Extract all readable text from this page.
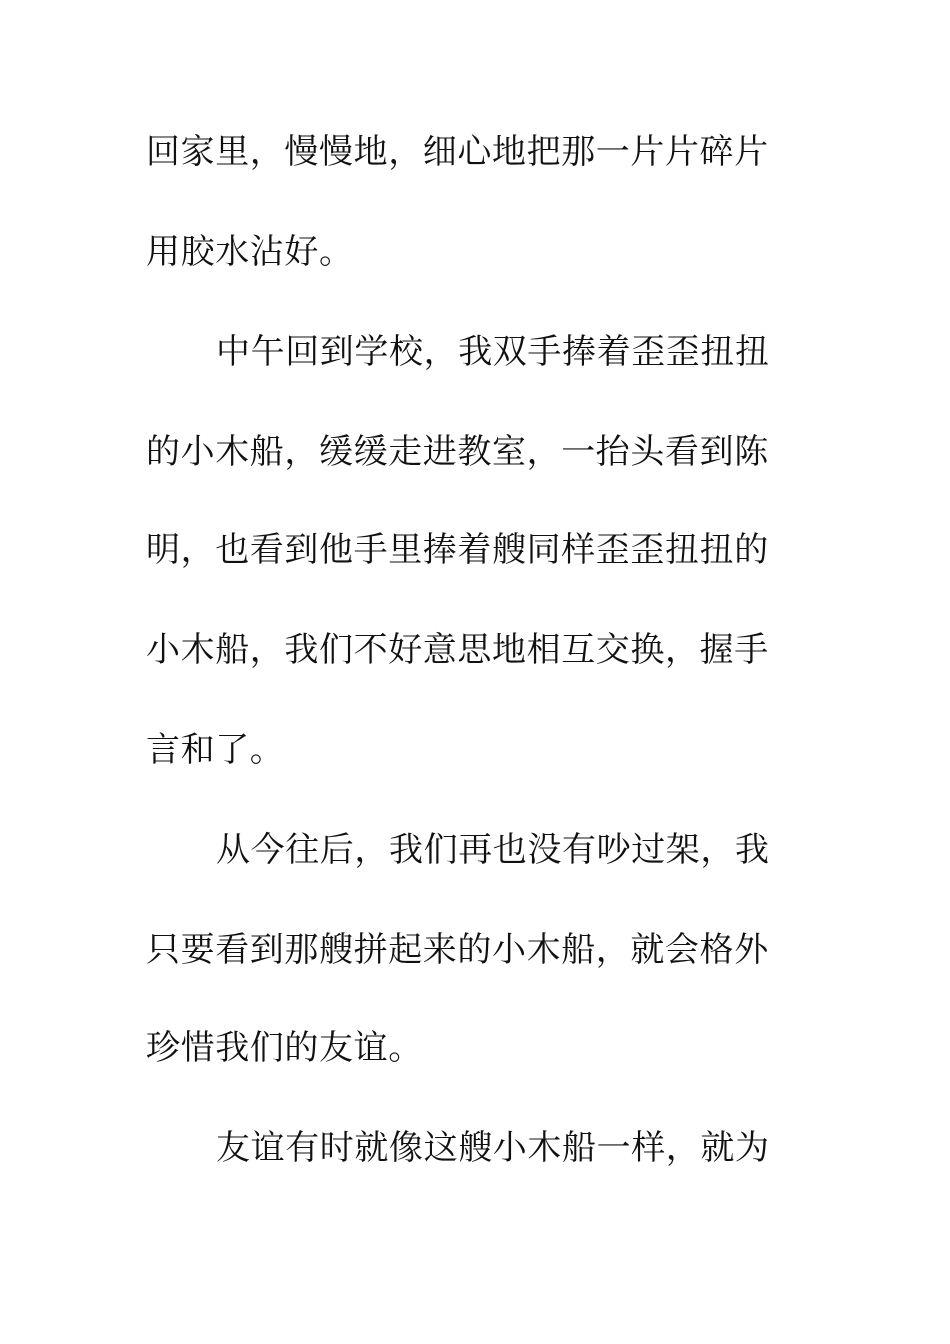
回家里，慢慢地，细心地把那一片片碎片
用胶水沾好。
中午回到学校，我双手捧着歪歪扭扭
的小木船，缓缓走进教室，一抬头看到陈
明，也看到他手里捧着艘同样歪歪扭扭的
小木船，我们不好意思地相互交换，握手
言和了。
从今往后，我们再也没有吵过架，我
只要看到那艘拼起来的小木船，就会格外
珍惜我们的友谊。
友谊有时就像这艘小木船一样，就为
